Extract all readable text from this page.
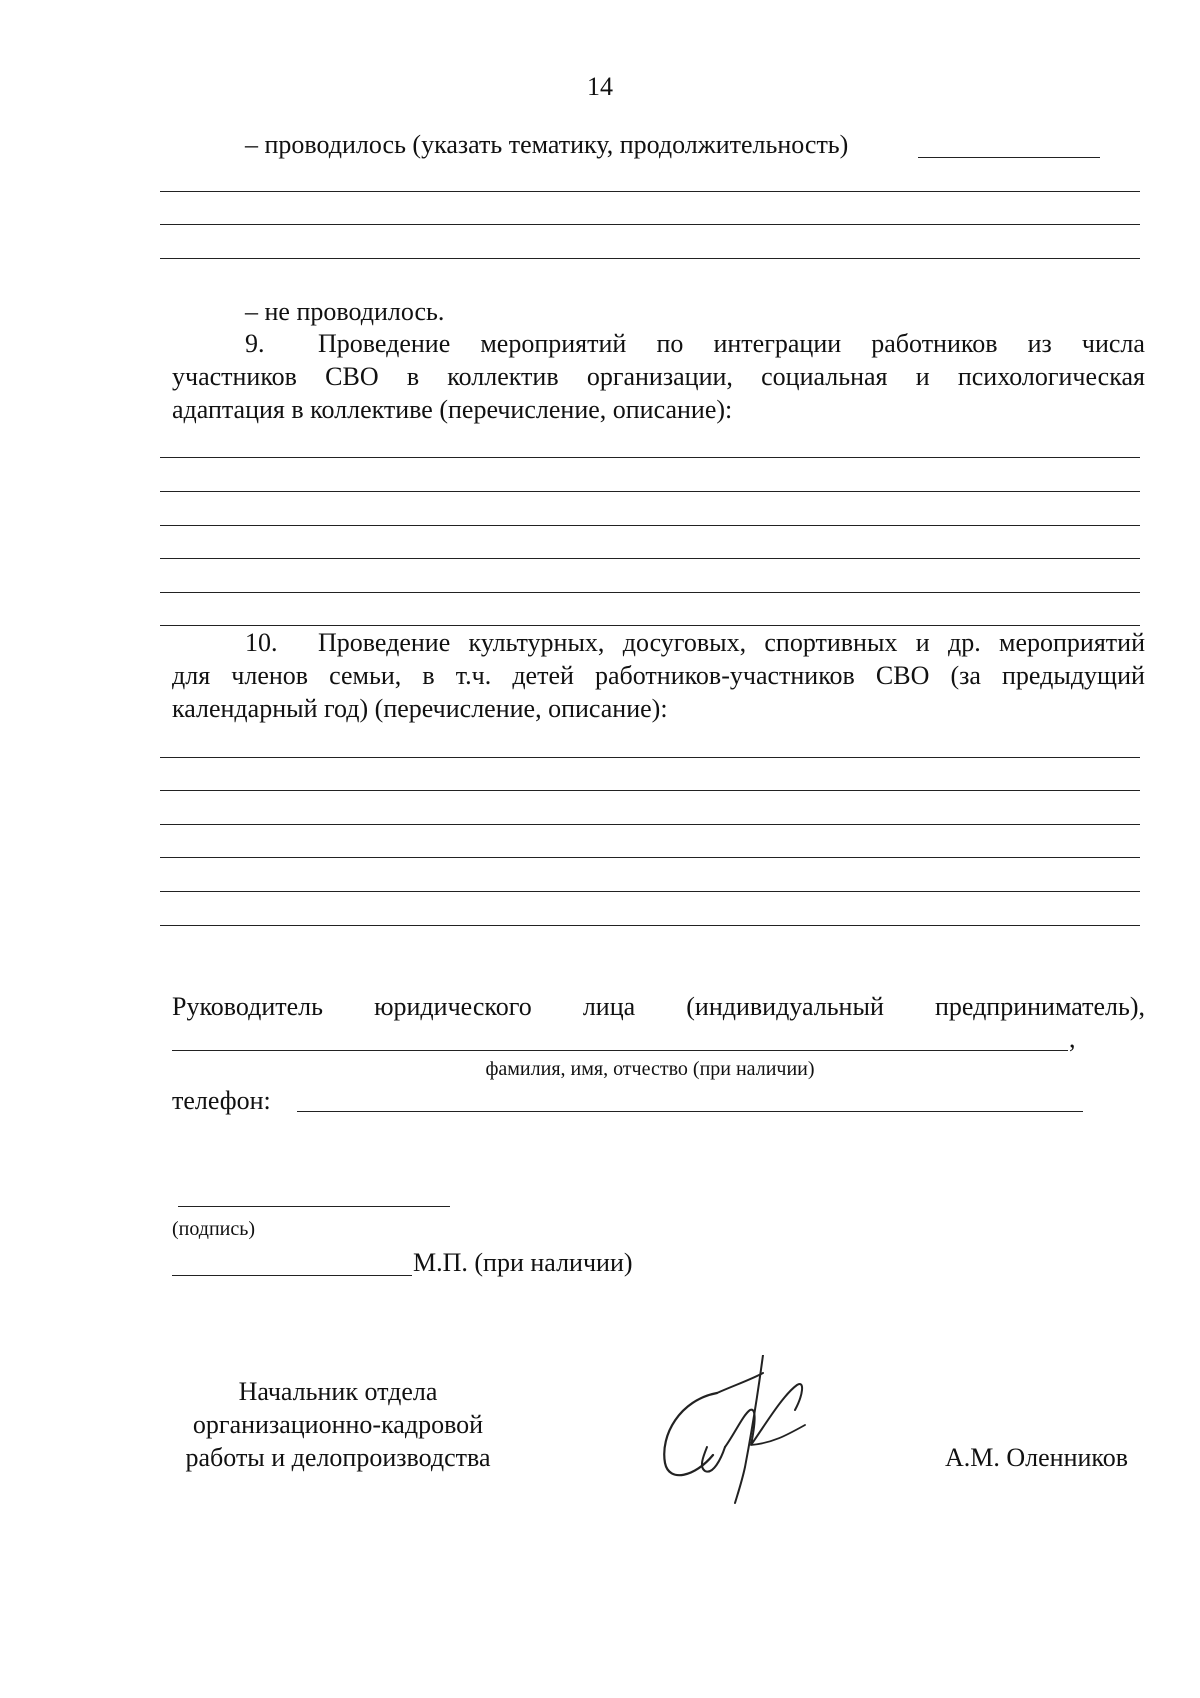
14
– проводилось (указать тематику, продолжительность)
– не проводилось.
9. Проведение мероприятий по интеграции работников из числа
участников СВО в коллектив организации, социальная и психологическая
адаптация в коллективе (перечисление, описание):
10. Проведение культурных, досуговых, спортивных и др. мероприятий
для членов семьи, в т.ч. детей работников-участников СВО (за предыдущий
календарный год) (перечисление, описание):
Руководитель юридического лица (индивидуальный предприниматель),
,
фамилия, имя, отчество (при наличии)
телефон:
(подпись)
М.П. (при наличии)
Начальник отдела
организационно-кадровой
работы и делопроизводства	А.М. Оленников
